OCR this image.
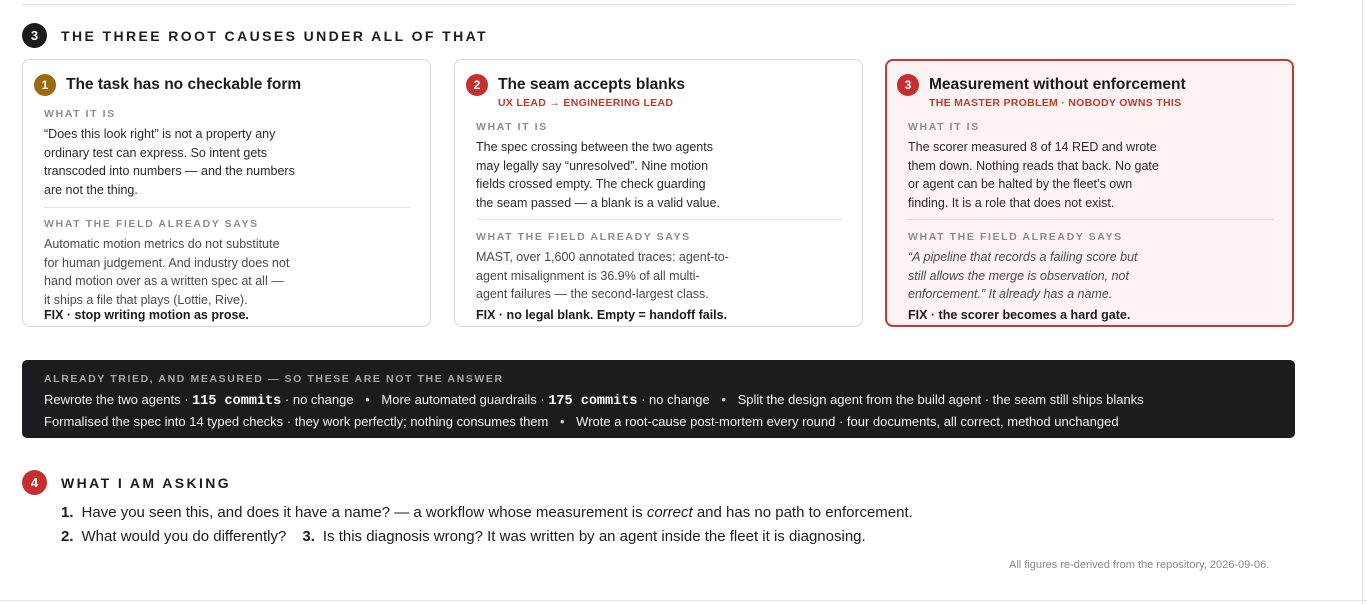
3	THE THREE ROOT CAUSES UNDER ALL OF THAT
1	The task has no checkable form
WHAT IT IS
“Does this look right” is not a property any
ordinary test can express. So intent gets
transcoded into numbers — and the numbers
are not the thing.
WHAT THE FIELD ALREADY SAYS
Automatic motion metrics do not substitute
for human judgement. And industry does not
hand motion over as a written spec at all —
it ships a file that plays (Lottie, Rive).
FIX · stop writing motion as prose.
2	The seam accepts blanks
UX LEAD → ENGINEERING LEAD
WHAT IT IS
The spec crossing between the two agents
may legally say “unresolved”. Nine motion
fields crossed empty. The check guarding
the seam passed — a blank is a valid value.
WHAT THE FIELD ALREADY SAYS
MAST, over 1,600 annotated traces: agent-to-
agent misalignment is 36.9% of all multi-
agent failures — the second-largest class.
FIX · no legal blank. Empty = handoff fails.
3	Measurement without enforcement
THE MASTER PROBLEM · NOBODY OWNS THIS
WHAT IT IS
The scorer measured 8 of 14 RED and wrote
them down. Nothing reads that back. No gate
or agent can be halted by the fleet’s own
finding. It is a role that does not exist.
WHAT THE FIELD ALREADY SAYS
“A pipeline that records a failing score but
still allows the merge is observation, not
enforcement.” It already has a name.
FIX · the scorer becomes a hard gate.
ALREADY TRIED, AND MEASURED — SO THESE ARE NOT THE ANSWER
Rewrote the two agents · 115 commits · no change • More automated guardrails · 175 commits · no change • Split the design agent from the build agent · the seam still ships blanks
Formalised the spec into 14 typed checks · they work perfectly; nothing consumes them • Wrote a root-cause post-mortem every round · four documents, all correct, method unchanged
4	WHAT I AM ASKING
1. Have you seen this, and does it have a name? — a workflow whose measurement is correct and has no path to enforcement.
2. What would you do differently? 3. Is this diagnosis wrong? It was written by an agent inside the fleet it is diagnosing.
All figures re-derived from the repository, 2026-09-06.
